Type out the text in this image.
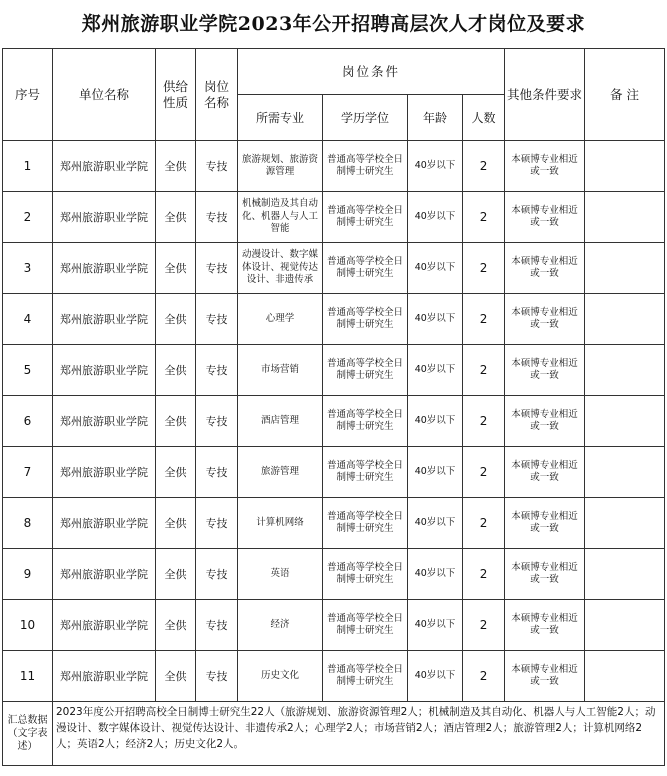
郑州旅游职业学院2023年公开招聘高层次人才岗位及要求
序号	单位名称	供给性质	岗位名称	岗位条件				其他条件要求	备 注
				所需专业	学历学位	年龄	人数		
1	郑州旅游职业学院	全供	专技	旅游规划、旅游资源管理	普通高等学校全日制博士研究生	40岁以下	2	本硕博专业相近或一致	
2	郑州旅游职业学院	全供	专技	机械制造及其自动化、机器人与人工智能	普通高等学校全日制博士研究生	40岁以下	2	本硕博专业相近或一致	
3	郑州旅游职业学院	全供	专技	动漫设计、数字媒体设计、视觉传达设计、非遗传承	普通高等学校全日制博士研究生	40岁以下	2	本硕博专业相近或一致	
4	郑州旅游职业学院	全供	专技	心理学	普通高等学校全日制博士研究生	40岁以下	2	本硕博专业相近或一致	
5	郑州旅游职业学院	全供	专技	市场营销	普通高等学校全日制博士研究生	40岁以下	2	本硕博专业相近或一致	
6	郑州旅游职业学院	全供	专技	酒店管理	普通高等学校全日制博士研究生	40岁以下	2	本硕博专业相近或一致	
7	郑州旅游职业学院	全供	专技	旅游管理	普通高等学校全日制博士研究生	40岁以下	2	本硕博专业相近或一致	
8	郑州旅游职业学院	全供	专技	计算机网络	普通高等学校全日制博士研究生	40岁以下	2	本硕博专业相近或一致	
9	郑州旅游职业学院	全供	专技	英语	普通高等学校全日制博士研究生	40岁以下	2	本硕博专业相近或一致	
10	郑州旅游职业学院	全供	专技	经济	普通高等学校全日制博士研究生	40岁以下	2	本硕博专业相近或一致	
11	郑州旅游职业学院	全供	专技	历史文化	普通高等学校全日制博士研究生	40岁以下	2	本硕博专业相近或一致	
汇总数据（文字表述）	2023年度公开招聘高校全日制博士研究生22人（旅游规划、旅游资源管理2人；机械制造及其自动化、机器人与人工智能2人；动漫设计、数字媒体设计、视觉传达设计、非遗传承2人；心理学2人；市场营销2人；酒店管理2人；旅游管理2人；计算机网络2人；英语2人；经济2人；历史文化2人。								
